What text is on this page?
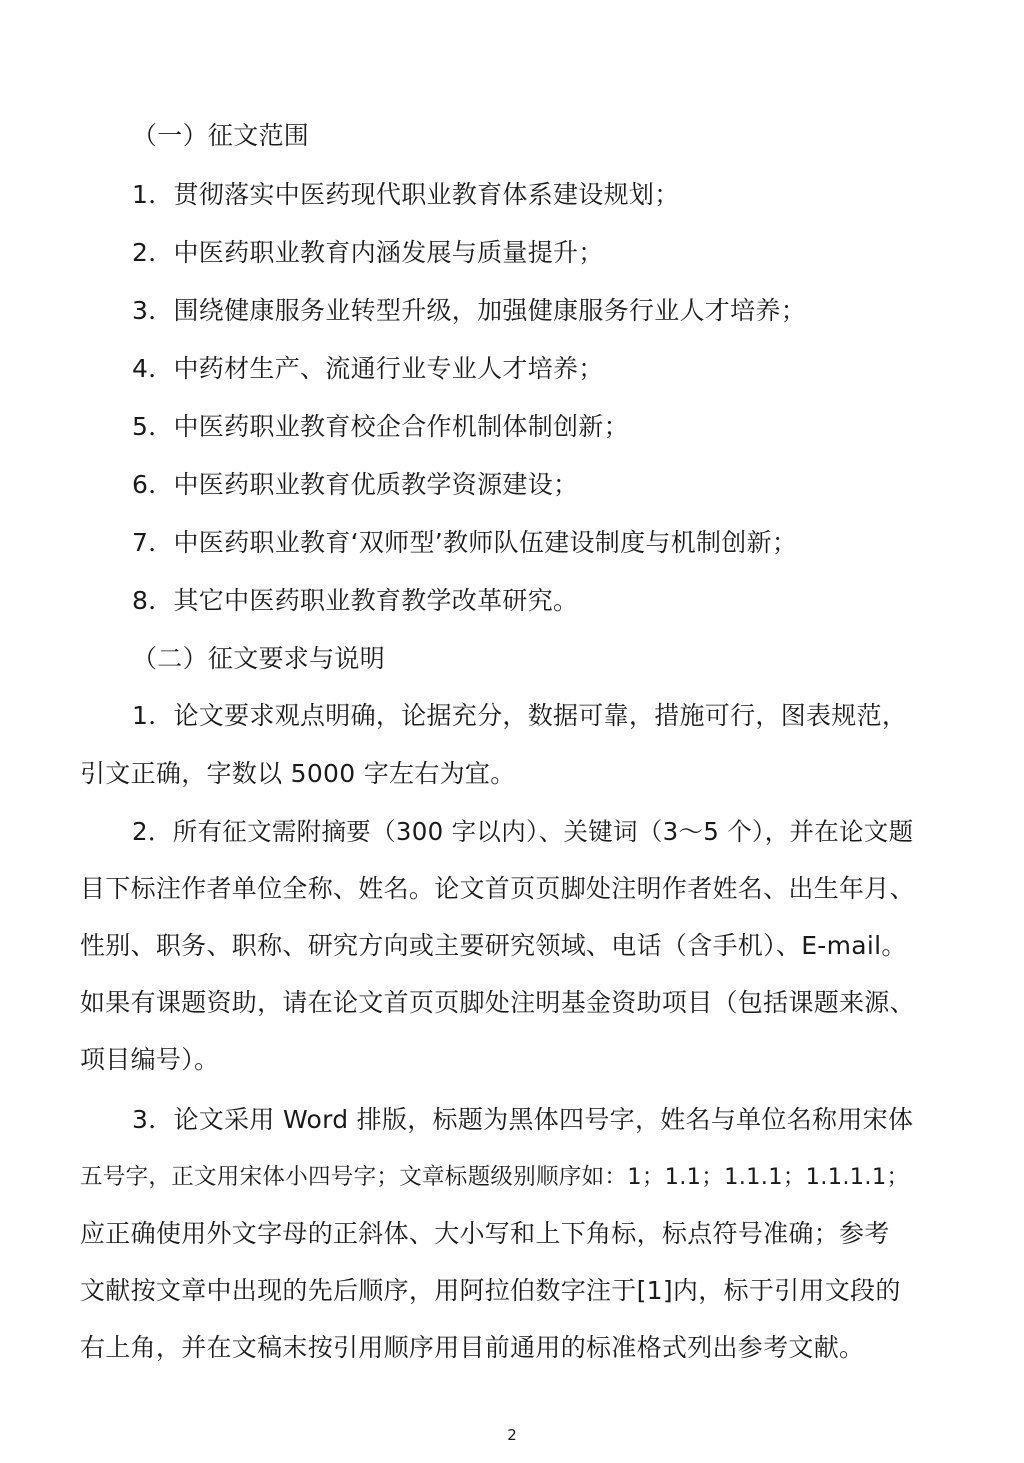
（一）征文范围
1．贯彻落实中医药现代职业教育体系建设规划；
2．中医药职业教育内涵发展与质量提升；
3．围绕健康服务业转型升级，加强健康服务行业人才培养；
4．中药材生产、流通行业专业人才培养；
5．中医药职业教育校企合作机制体制创新；
6．中医药职业教育优质教学资源建设；
7．中医药职业教育‘双师型’教师队伍建设制度与机制创新；
8．其它中医药职业教育教学改革研究。
（二）征文要求与说明
1．论文要求观点明确，论据充分，数据可靠，措施可行，图表规范，
引文正确，字数以 5000 字左右为宜。
2．所有征文需附摘要（300 字以内）、关键词（3～5 个），并在论文题
目下标注作者单位全称、姓名。论文首页页脚处注明作者姓名、出生年月、
性别、职务、职称、研究方向或主要研究领域、电话（含手机）、E-mail。
如果有课题资助，请在论文首页页脚处注明基金资助项目（包括课题来源、
项目编号）。
3．论文采用 Word 排版，标题为黑体四号字，姓名与单位名称用宋体
五号字，正文用宋体小四号字；文章标题级别顺序如：1；1.1；1.1.1；1.1.1.1；
应正确使用外文字母的正斜体、大小写和上下角标，标点符号准确；参考
文献按文章中出现的先后顺序，用阿拉伯数字注于[1]内，标于引用文段的
右上角，并在文稿末按引用顺序用目前通用的标准格式列出参考文献。
2
